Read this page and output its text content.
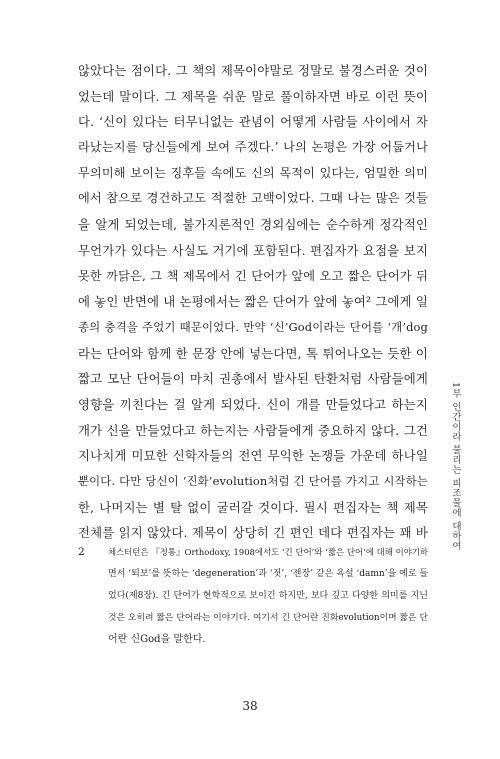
않았다는 점이다. 그 책의 제목이야말로 정말로 불경스러운 것이
었는데 말이다. 그 제목을 쉬운 말로 풀이하자면 바로 이런 뜻이
다. ‘신이 있다는 터무니없는 관념이 어떻게 사람들 사이에서 자
라났는지를 당신들에게 보여 주겠다.’ 나의 논평은 가장 어둡거나
무의미해 보이는 징후들 속에도 신의 목적이 있다는, 엄밀한 의미
에서 참으로 경건하고도 적절한 고백이었다. 그때 나는 많은 것들
을 알게 되었는데, 불가지론적인 경외심에는 순수하게 정각적인
무언가가 있다는 사실도 거기에 포함된다. 편집자가 요점을 보지
못한 까닭은, 그 책 제목에서 긴 단어가 앞에 오고 짧은 단어가 뒤
에 놓인 반면에 내 논평에서는 짧은 단어가 앞에 놓여² 그에게 일
종의 충격을 주었기 때문이었다. 만약 ‘신’God이라는 단어를 ‘개’dog
라는 단어와 함께 한 문장 안에 넣는다면, 톡 튀어나오는 듯한 이
짧고 모난 단어들이 마치 권총에서 발사된 탄환처럼 사람들에게
영향을 끼친다는 걸 알게 되었다. 신이 개를 만들었다고 하는지
개가 신을 만들었다고 하는지는 사람들에게 중요하지 않다. 그건
지나치게 미묘한 신학자들의 전연 무익한 논쟁들 가운데 하나일
뿐이다. 다만 당신이 ‘진화’evolution처럼 긴 단어를 가지고 시작하는
한, 나머지는 별 탈 없이 굴러갈 것이다. 필시 편집자는 책 제목
전체를 읽지 않았다. 제목이 상당히 긴 편인 데다 편집자는 꽤 바
2	체스터턴은 『정통』Orthodoxy, 1908에서도 ‘긴 단어’와 ‘짧은 단어’에 대해 이야기하
면서 ‘퇴보’를 뜻하는 ‘degeneration’과 ‘젓’, ‘젠장’ 같은 욕설 ‘damn’을 예로 들
었다(제8장). 긴 단어가 현학적으로 보이긴 하지만, 보다 깊고 다양한 의미를 지닌
것은 오히려 짧은 단어라는 이야기다. 여기서 긴 단어란 진화evolution이며 짧은 단
어란 신God을 말한다.
1부 인간이라 불리는 피조물에 대하여
38
